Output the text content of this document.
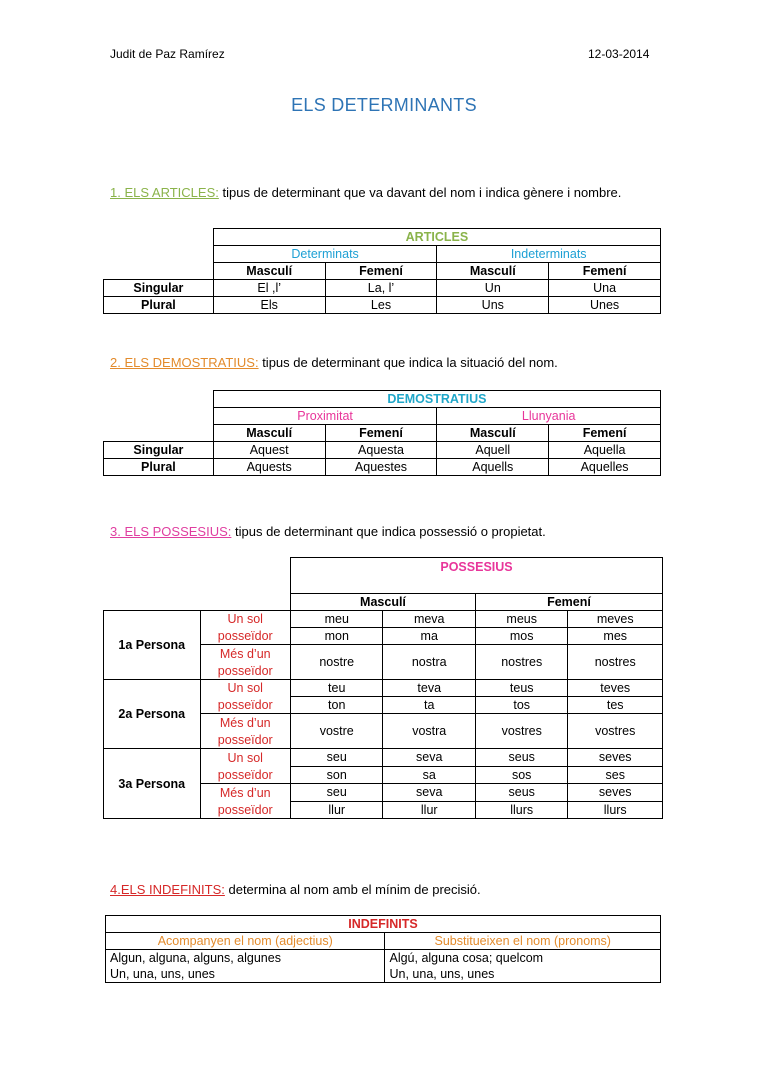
Judit de Paz Ramírez	12-03-2014
ELS DETERMINANTS
1. ELS ARTICLES: tipus de determinant que va davant del nom i indica gènere i nombre.
	ARTICLES			
	Determinats		Indeterminats	
	Masculí	Femení	Masculí	Femení
Singular	El ,l’	La, l’	Un	Una
Plural	Els	Les	Uns	Unes
2. ELS DEMOSTRATIUS: tipus de determinant que indica la situació del nom.
	DEMOSTRATIUS			
	Proximitat		Llunyania	
	Masculí	Femení	Masculí	Femení
Singular	Aquest	Aquesta	Aquell	Aquella
Plural	Aquests	Aquestes	Aquells	Aquelles
3. ELS POSSESIUS: tipus de determinant que indica possessió o propietat.
		POSSESIUS			
		Masculí		Femení	
1a Persona	Un sol	meu	meva	meus	meves
	posseïdor	mon	ma	mos	mes
	Més d’un	nostre	nostra	nostres	nostres
	posseïdor				
2a Persona	Un sol	teu	teva	teus	teves
	posseïdor	ton	ta	tos	tes
	Més d’un	vostre	vostra	vostres	vostres
	posseïdor				
3a Persona	Un sol	seu	seva	seus	seves
	posseïdor	son	sa	sos	ses
	Més d’un	seu	seva	seus	seves
	posseïdor	llur	llur	llurs	llurs
4.ELS INDEFINITS: determina al nom amb el mínim de precisió.
INDEFINITS	
Acompanyen el nom (adjectius)	Substitueixen el nom (pronoms)
Algun, alguna, alguns, algunes	Algú, alguna cosa; quelcom
Un, una, uns, unes	Un, una, uns, unes
